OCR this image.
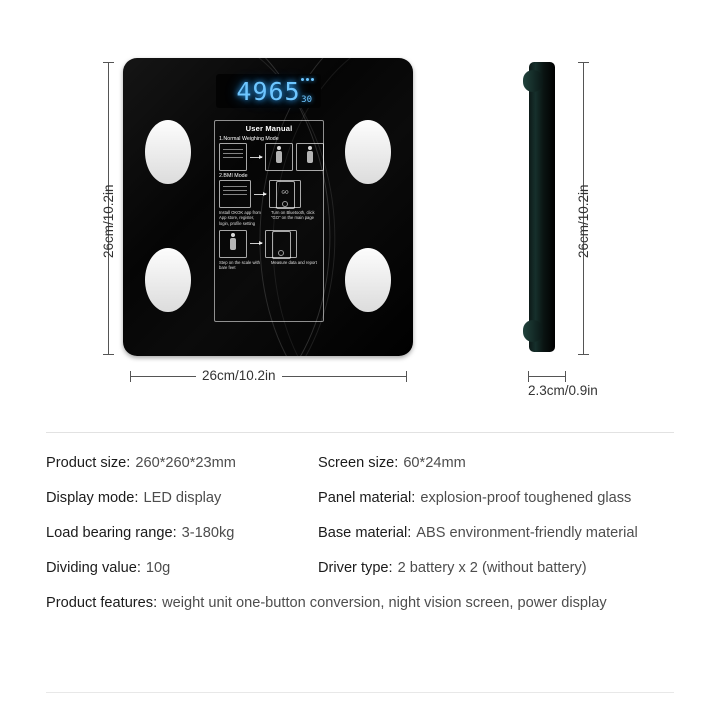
4965 30
User Manual
1.Normal Weighing Mode
2.BMI Mode
GO
Install OKOK app from App store, register, login, profile setting
Turn on Bluetooth, click "GO" on the main page
Step on the scale with bare feet
Measure data and report
26cm/10.2in
26cm/10.2in
26cm/10.2in
2.3cm/0.9in
Product size: 260*260*23mm	Screen size: 60*24mm
Display mode: LED display	Panel material: explosion-proof toughened glass
Load bearing range: 3-180kg	Base material: ABS environment-friendly material
Dividing value: 10g	Driver type: 2 battery x 2 (without battery)
Product features: weight unit one-button conversion, night vision screen, power display
